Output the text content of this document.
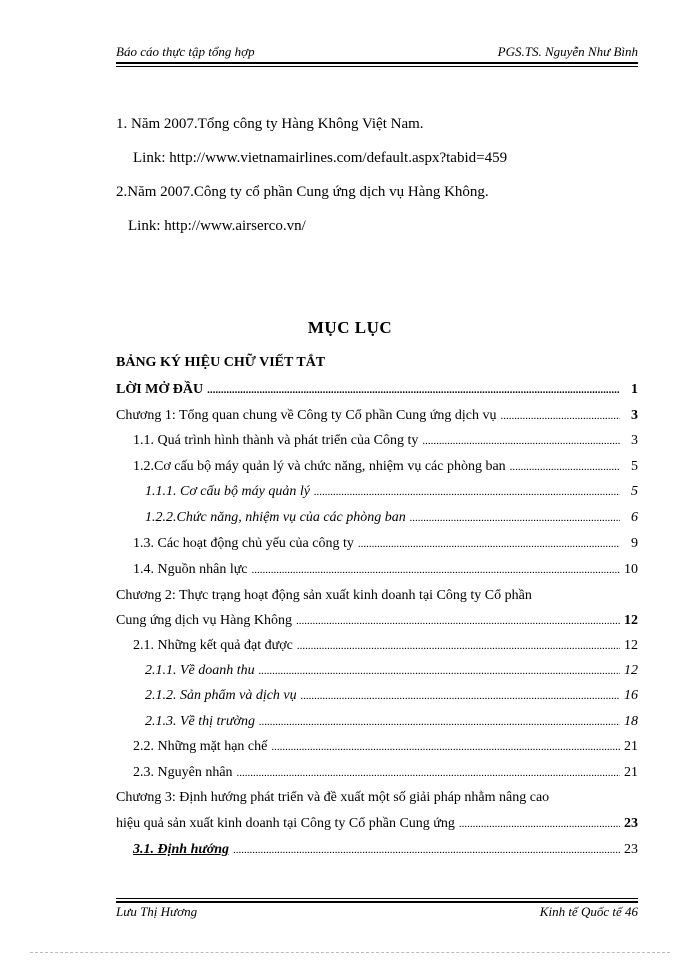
Báo cáo thực tập tổng hợp	PGS.TS. Nguyễn Như Bình
1. Năm 2007.Tổng công ty Hàng Không Việt Nam.
Link: http://www.vietnamairlines.com/default.aspx?tabid=459
2.Năm 2007.Công ty cổ phần Cung ứng dịch vụ Hàng Không.
Link: http://www.airserco.vn/
MỤC LỤC
BẢNG KÝ HIỆU CHỮ VIẾT TẮT
LỜI MỞ ĐẦU .....	1
Chương 1: Tổng quan chung về Công ty Cổ phần Cung ứng dịch vụ .....	3
1.1. Quá trình hình thành và phát triển của Công ty .....	3
1.2.Cơ cấu bộ máy quản lý và chức năng, nhiệm vụ các phòng ban .....	5
1.1.1. Cơ cấu bộ máy quản lý .....	5
1.2.2.Chức năng, nhiệm vụ của các phòng ban .....	6
1.3. Các hoạt động chủ yếu của công ty .....	9
1.4. Nguồn nhân lực .....	10
Chương 2: Thực trạng hoạt động sản xuất kinh doanh tại Công ty Cổ phần
Cung ứng dịch vụ Hàng Không .....	12
2.1. Những kết quả đạt được .....	12
2.1.1. Về doanh thu .....	12
2.1.2. Sản phẩm và dịch vụ .....	16
2.1.3. Về thị trường .....	18
2.2. Những mặt hạn chế .....	21
2.3. Nguyên nhân .....	21
Chương 3: Định hướng phát triển và đề xuất một số giải pháp nhằm nâng cao
hiệu quả sản xuất kinh doanh tại Công ty Cổ phần Cung ứng .....	23
3.1. Định hướng .....	23
Lưu Thị Hương	Kinh tế Quốc tế 46
